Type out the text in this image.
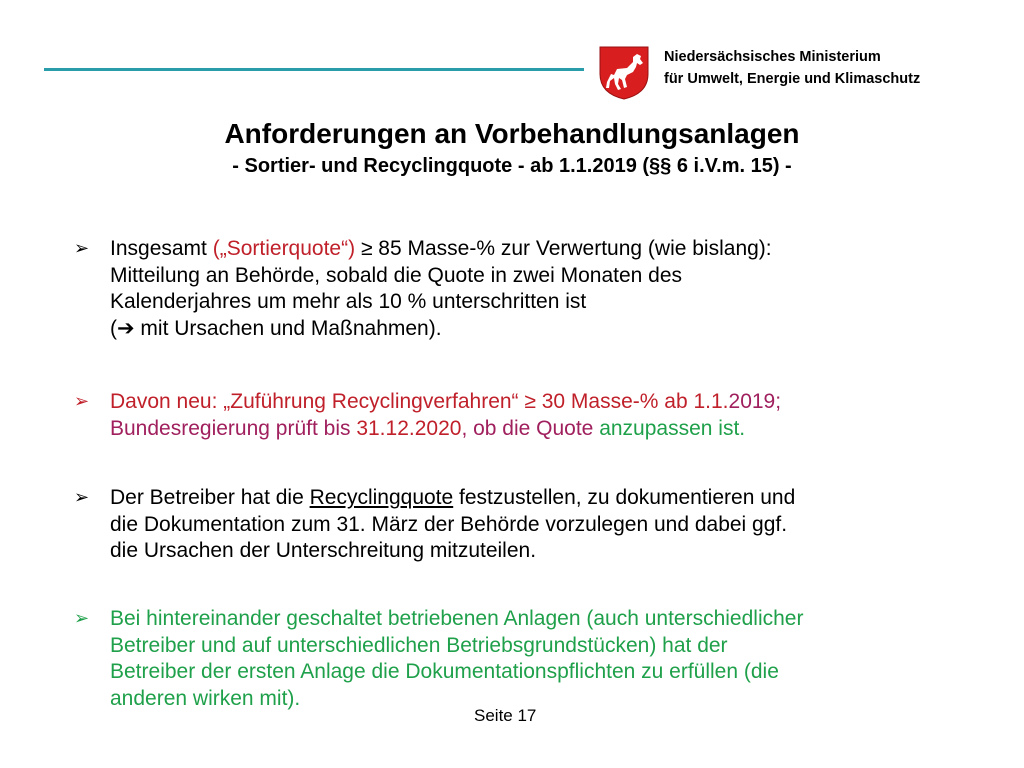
Niedersächsisches Ministerium
für Umwelt, Energie und Klimaschutz
Anforderungen an Vorbehandlungsanlagen
- Sortier- und Recyclingquote - ab 1.1.2019 (§§ 6 i.V.m. 15) -
➢ Insgesamt („Sortierquote“) ≥ 85 Masse-% zur Verwertung (wie bislang):
Mitteilung an Behörde, sobald die Quote in zwei Monaten des
Kalenderjahres um mehr als 10 % unterschritten ist
(➔ mit Ursachen und Maßnahmen).
➢ Davon neu: „Zuführung Recyclingverfahren“ ≥ 30 Masse-% ab 1.1.2019;
Bundesregierung prüft bis 31.12.2020, ob die Quote anzupassen ist.
➢ Der Betreiber hat die Recyclingquote festzustellen, zu dokumentieren und
die Dokumentation zum 31. März der Behörde vorzulegen und dabei ggf.
die Ursachen der Unterschreitung mitzuteilen.
➢ Bei hintereinander geschaltet betriebenen Anlagen (auch unterschiedlicher
Betreiber und auf unterschiedlichen Betriebsgrundstücken) hat der
Betreiber der ersten Anlage die Dokumentationspflichten zu erfüllen (die
anderen wirken mit).
Seite 17
